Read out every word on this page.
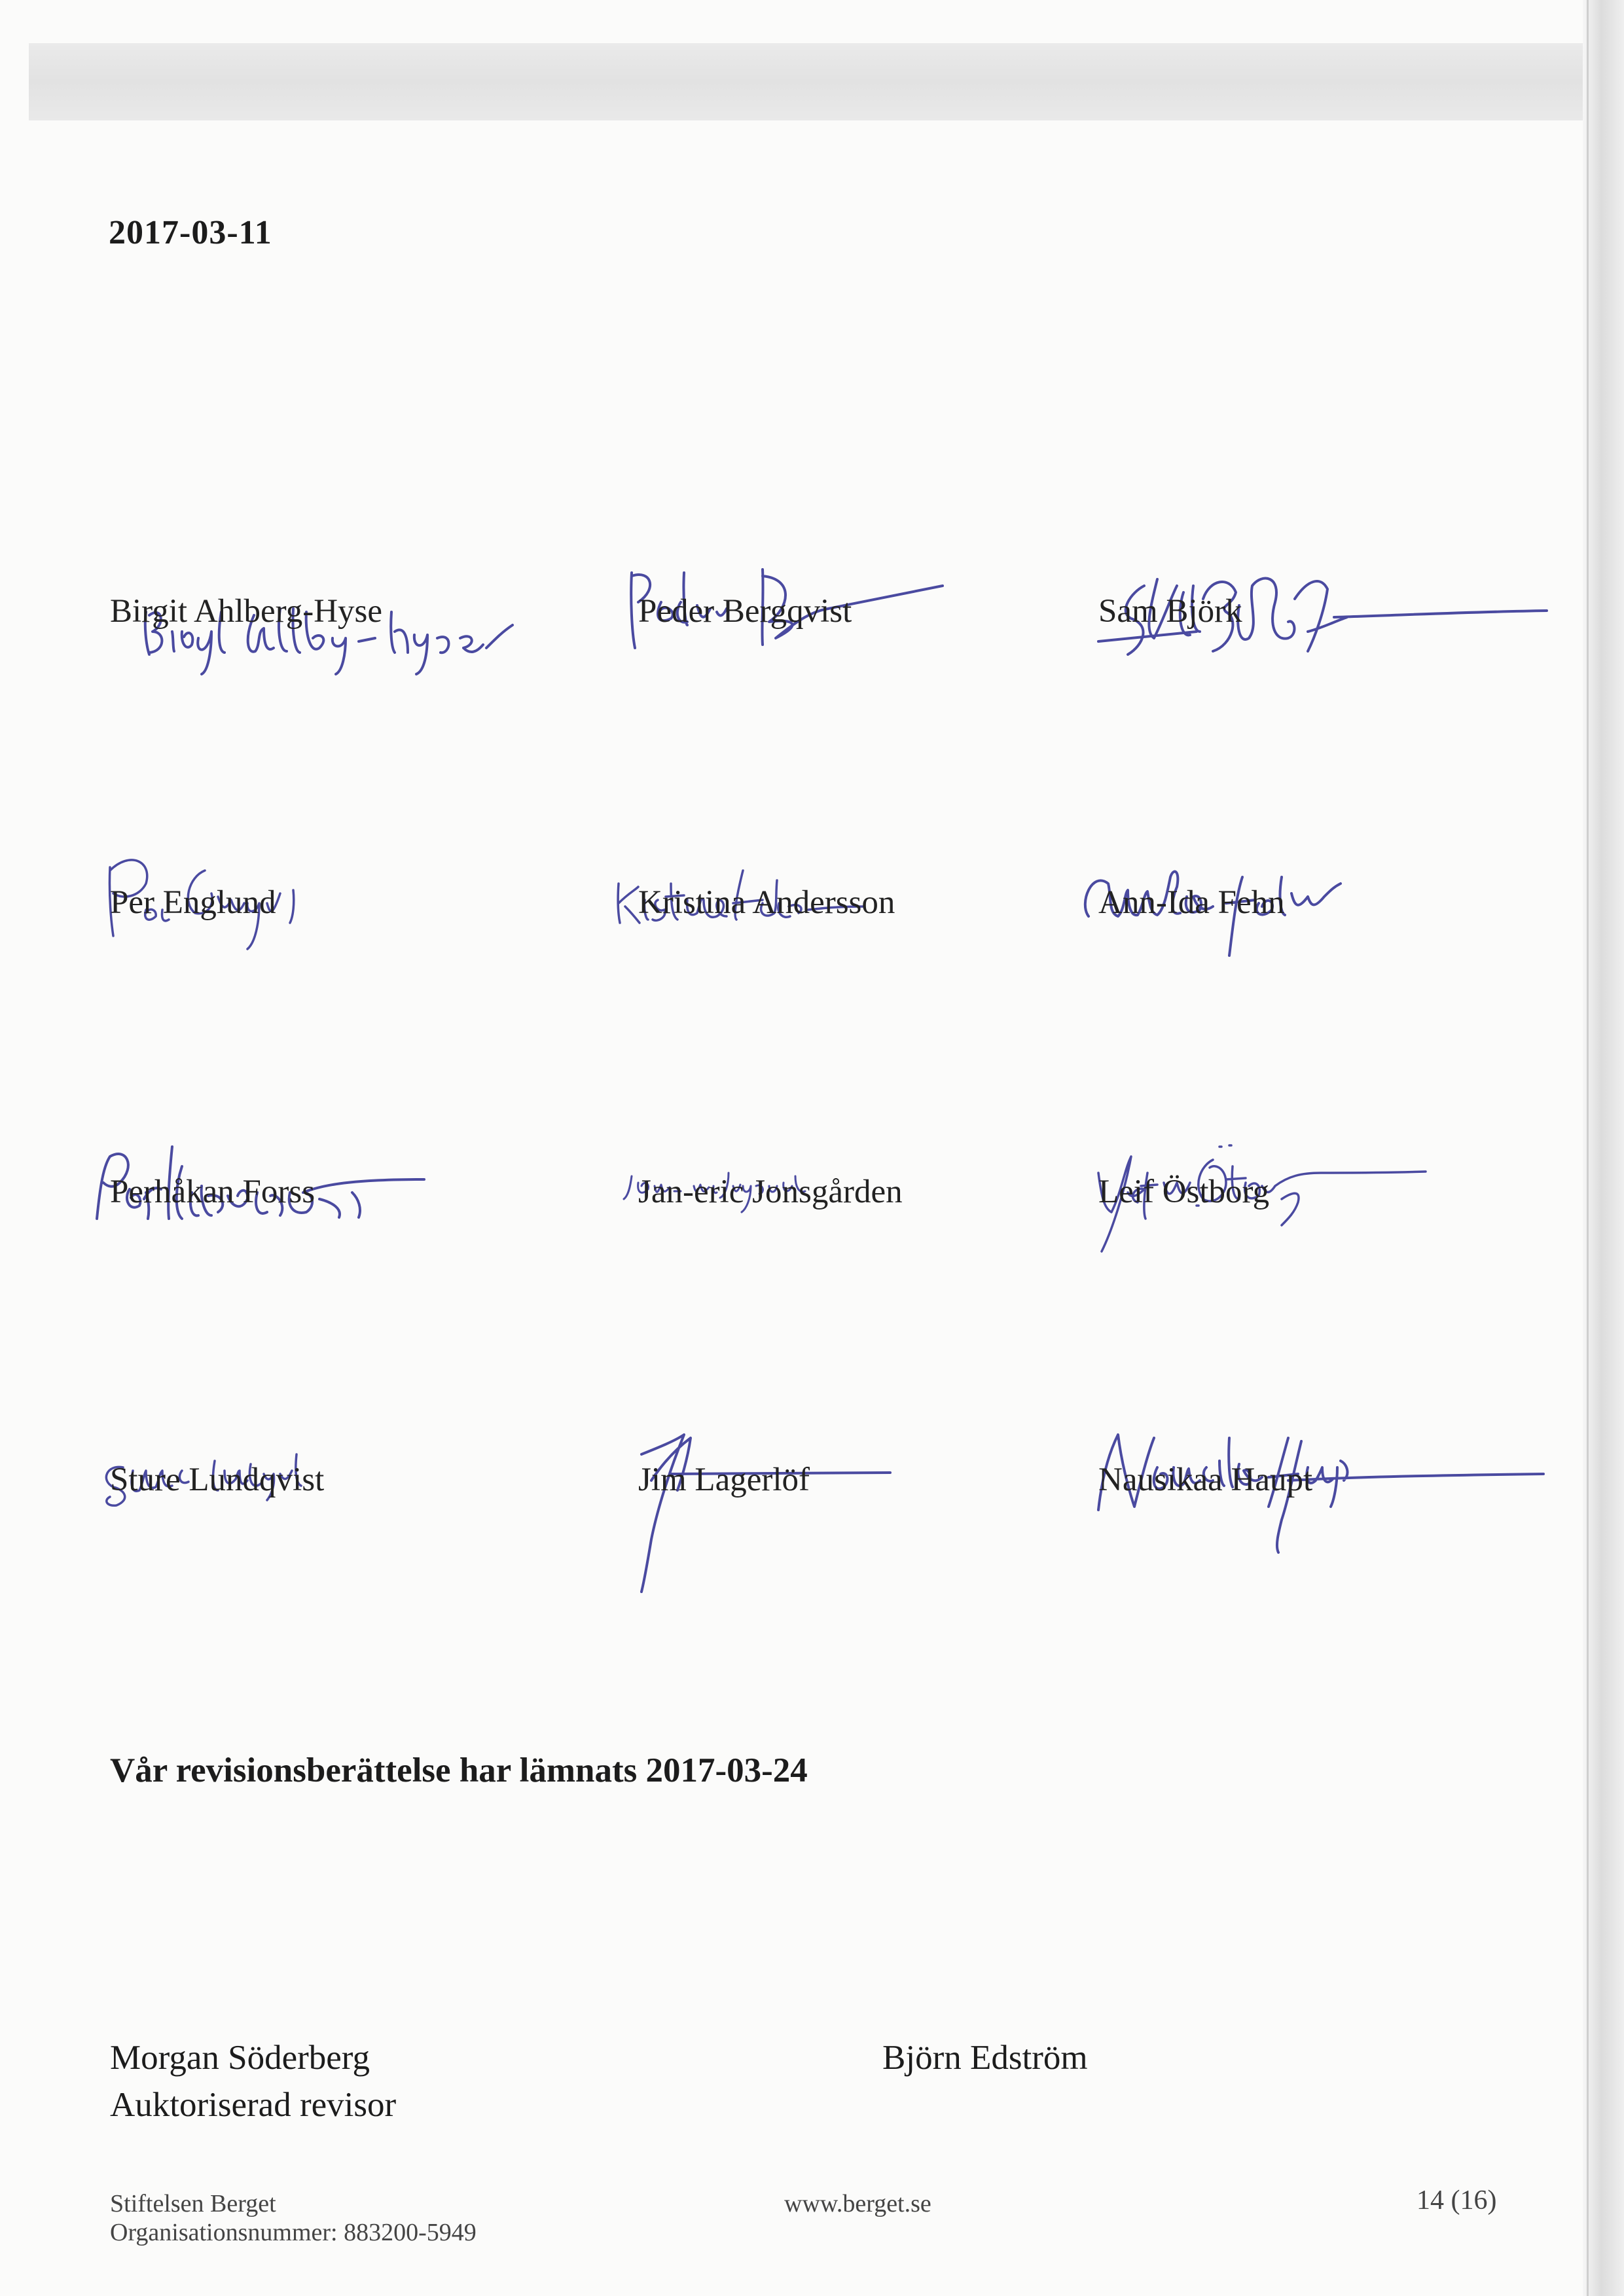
2017-03-11
Birgit Ahlberg-Hyse	Peder Bergqvist	Sam Björk
Per Englund	Kristina Andersson	Ann-Ida Fehn
Perhåkan Forss	Jan-eric Jonsgården	Leif Östborg
Sture Lundqvist	Jim Lagerlöf	Nausikaa Haupt
Vår revisionsberättelse har lämnats 2017-03-24
Morgan Söderberg
Auktoriserad revisor
Björn Edström
Stiftelsen Berget
Organisationsnummer: 883200-5949
www.berget.se	14 (16)
